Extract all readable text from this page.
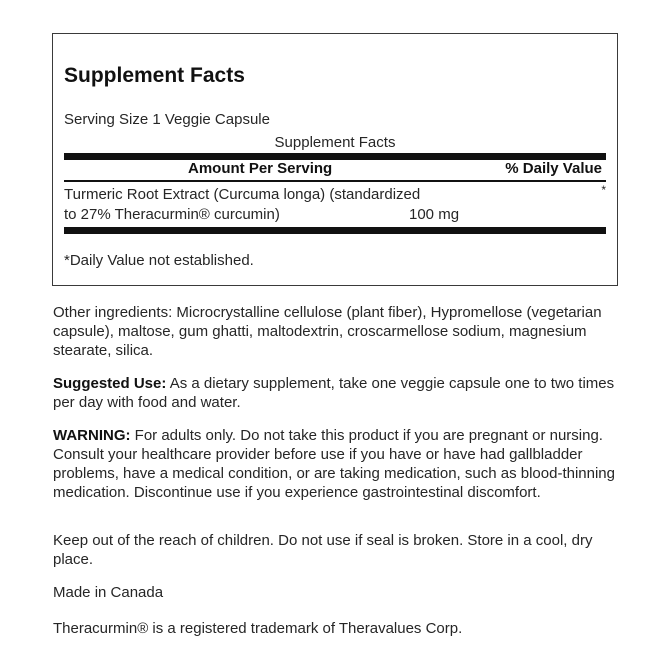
Supplement Facts
Serving Size 1 Veggie Capsule
Supplement Facts
Amount Per Serving	% Daily Value
Turmeric Root Extract (Curcuma longa) (standardized
to 27% Theracurmin® curcumin)	100 mg
*
*Daily Value not established.

Other ingredients: Microcrystalline cellulose (plant fiber), Hypromellose (vegetarian capsule), maltose, gum ghatti, maltodextrin, croscarmellose sodium, magnesium stearate, silica.

Suggested Use: As a dietary supplement, take one veggie capsule one to two times per day with food and water.

WARNING: For adults only. Do not take this product if you are pregnant or nursing. Consult your healthcare provider before use if you have or have had gallbladder problems, have a medical condition, or are taking medication, such as blood-thinning medication. Discontinue use if you experience gastrointestinal discomfort.

Keep out of the reach of children. Do not use if seal is broken. Store in a cool, dry place.

Made in Canada

Theracurmin® is a registered trademark of Theravalues Corp.
